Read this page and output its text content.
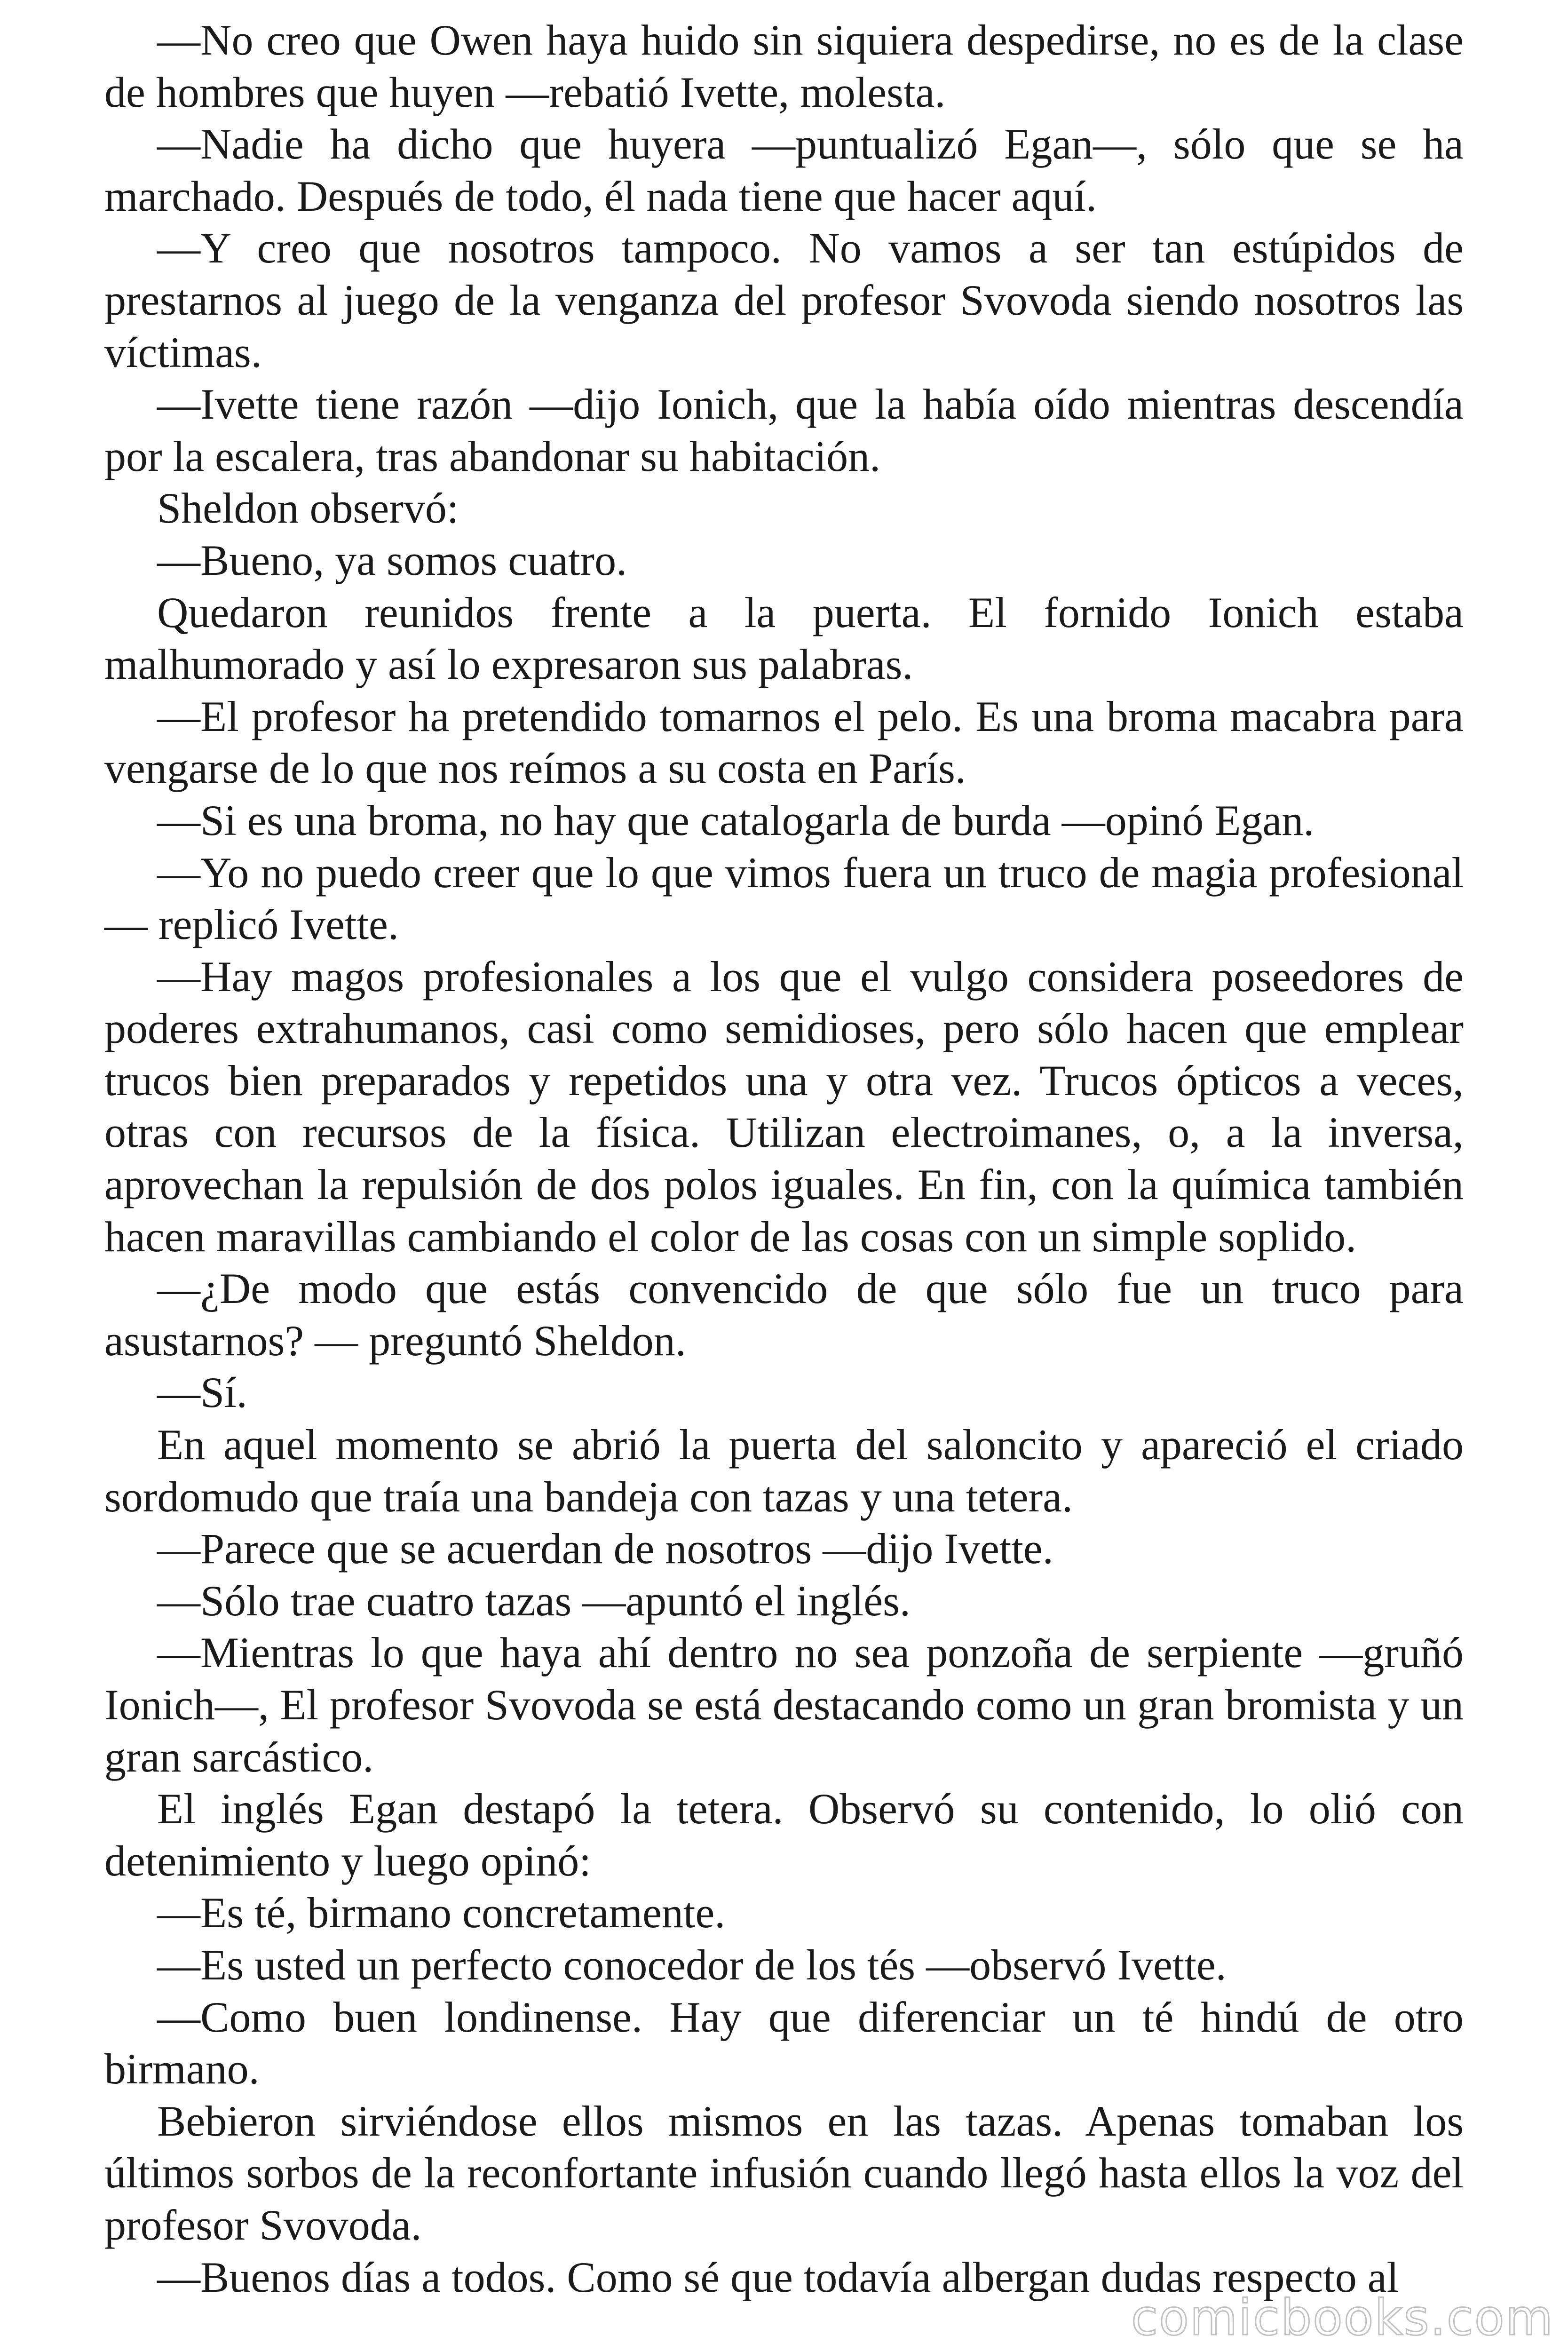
—No creo que Owen haya huido sin siquiera despedirse, no es de la clase de hombres que huyen —rebatió Ivette, molesta.

—Nadie ha dicho que huyera —puntualizó Egan—, sólo que se ha marchado. Después de todo, él nada tiene que hacer aquí.

—Y creo que nosotros tampoco. No vamos a ser tan estúpidos de prestarnos al juego de la venganza del profesor Svovoda siendo nosotros las víctimas.

—Ivette tiene razón —dijo Ionich, que la había oído mientras descendía por la escalera, tras abandonar su habitación.

Sheldon observó:

—Bueno, ya somos cuatro.

Quedaron reunidos frente a la puerta. El fornido Ionich estaba malhumorado y así lo expresaron sus palabras.

—El profesor ha pretendido tomarnos el pelo. Es una broma macabra para vengarse de lo que nos reímos a su costa en París.

—Si es una broma, no hay que catalogarla de burda —opinó Egan.

—Yo no puedo creer que lo que vimos fuera un truco de magia profesional — replicó Ivette.

—Hay magos profesionales a los que el vulgo considera poseedores de poderes extrahumanos, casi como semidioses, pero sólo hacen que emplear trucos bien preparados y repetidos una y otra vez. Trucos ópticos a veces, otras con recursos de la física. Utilizan electroimanes, o, a la inversa, aprovechan la repulsión de dos polos iguales. En fin, con la química también hacen maravillas cambiando el color de las cosas con un simple soplido.

—¿De modo que estás convencido de que sólo fue un truco para asustarnos? — preguntó Sheldon.

—Sí.

En aquel momento se abrió la puerta del saloncito y apareció el criado sordomudo que traía una bandeja con tazas y una tetera.

—Parece que se acuerdan de nosotros —dijo Ivette.

—Sólo trae cuatro tazas —apuntó el inglés.

—Mientras lo que haya ahí dentro no sea ponzoña de serpiente —gruñó Ionich—, El profesor Svovoda se está destacando como un gran bromista y un gran sarcástico.

El inglés Egan destapó la tetera. Observó su contenido, lo olió con detenimiento y luego opinó:

—Es té, birmano concretamente.

—Es usted un perfecto conocedor de los tés —observó Ivette.

—Como buen londinense. Hay que diferenciar un té hindú de otro birmano.

Bebieron sirviéndose ellos mismos en las tazas. Apenas tomaban los últimos sorbos de la reconfortante infusión cuando llegó hasta ellos la voz del profesor Svovoda.

—Buenos días a todos. Como sé que todavía albergan dudas respecto al

comicbooks.com
